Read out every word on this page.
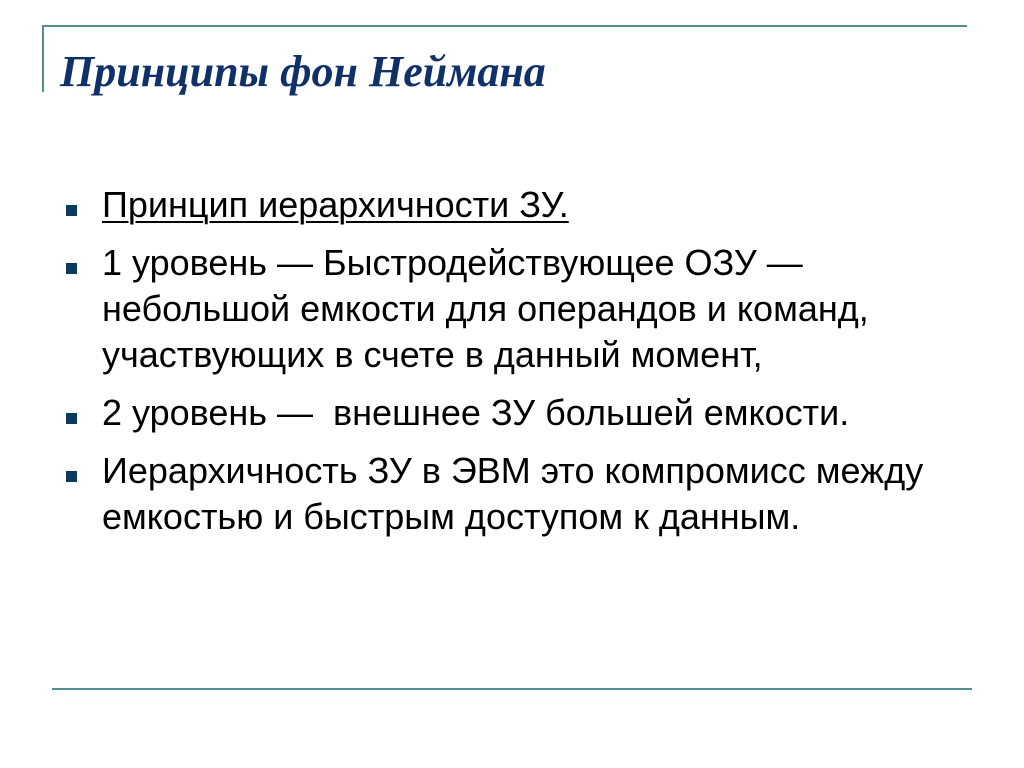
Принципы фон Неймана
Принцип иерархичности ЗУ.
1 уровень — Быстродействующее ОЗУ — небольшой емкости для операндов и команд, участвующих в счете в данный момент,
2 уровень —  внешнее ЗУ большей емкости.
Иерархичность ЗУ в ЭВМ это компромисс между емкостью и быстрым доступом к данным.
